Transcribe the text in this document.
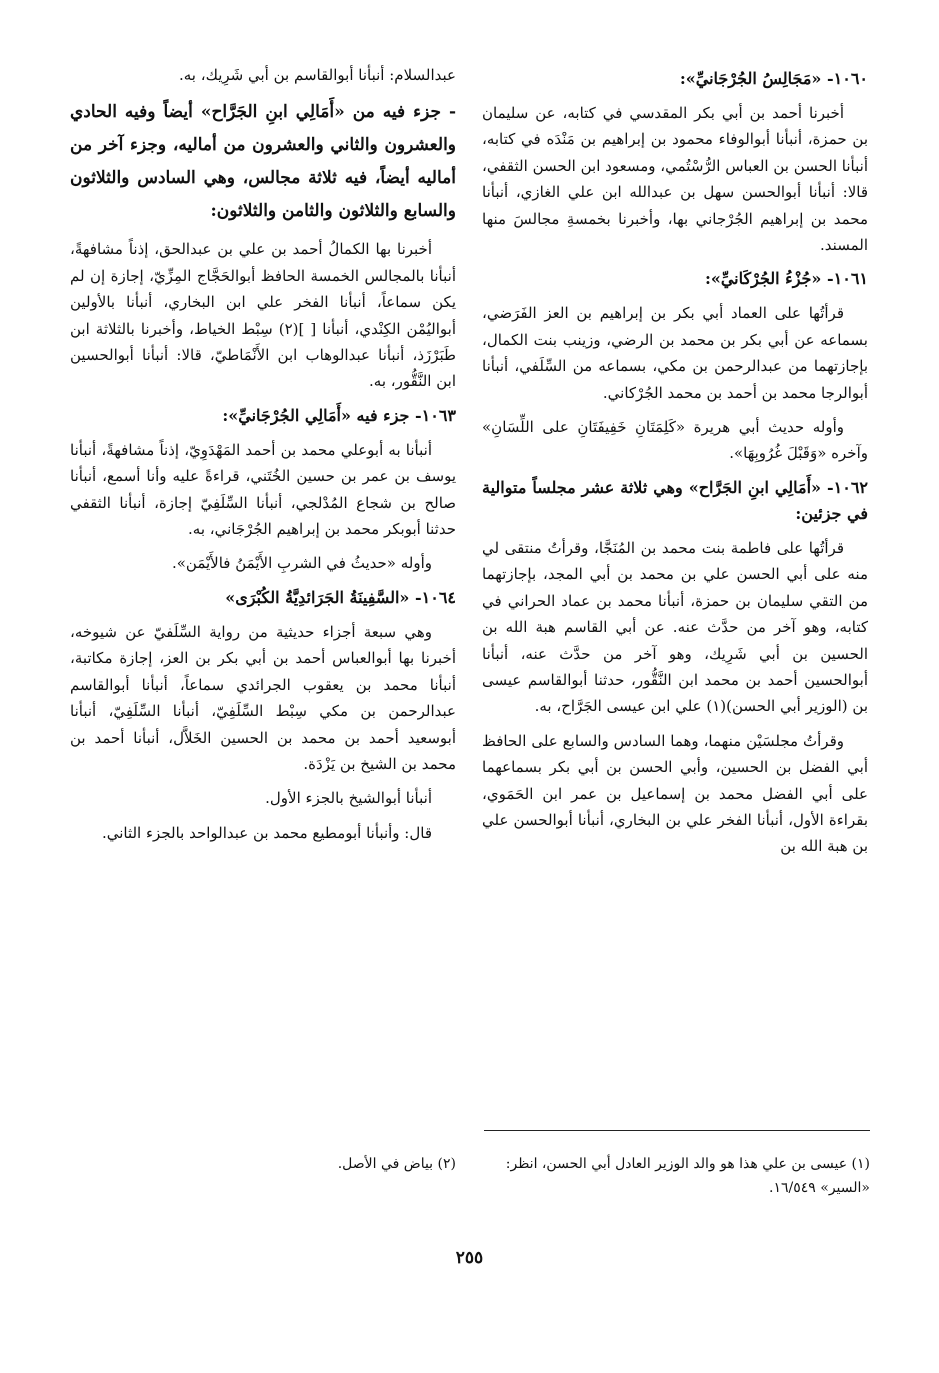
١٠٦٠- «مَجَالِسُ الجُرْجَانيِّ»:

أخبرنا أحمد بن أبي بكر المقدسي في كتابه، عن سليمان بن حمزة، أنبأنا أبوالوفاء محمود بن إبراهيم بن مَنْدَه في كتابه، أنبأنا الحسن بن العباس الرُّسْتُمي، ومسعود ابن الحسن الثقفي، قالا: أنبأنا أبوالحسن سهل بن عبدالله ابن علي الغازي، أنبأنا محمد بن إبراهيم الجُرْجاني بها، وأخبرنا بخمسةِ مجالسَ منها المسند.

١٠٦١- «جُزْءُ الجُرْكَانيِّ»:

قرأتُها على العماد أبي بكر بن إبراهيم بن العز الفَرَضي، بسماعه عن أبي بكر بن محمد بن الرضي، وزينب بنت الكمال، بإجازتهما من عبدالرحمن بن مكي، بسماعه من السِّلَفي، أنبأنا أبوالرجا محمد بن أحمد بن محمد الجُرْكاني.

وأوله حديث أبي هريرة «كَلِمَتَانِ خَفِيفَتَانِ على اللِّسَانِ» وآخره «وَقَبْلَ غُرُوبِهَا».

١٠٦٢- «أَمَالِي ابنِ الجَرَّاح» وهي ثلاثة عشر مجلساً متوالية في جزئين:

قرأتُها على فاطمة بنت محمد بن المُنَجَّا، وقرأتُ منتقى لي منه على أبي الحسن علي بن محمد بن أبي المجد، بإجازتهما من التقي سليمان بن حمزة، أنبأنا محمد بن عماد الحراني في كتابه، وهو آخر من حدَّث عنه. عن أبي القاسم هبة الله بن الحسين بن أبي شَرِيك، وهو آخر من حدَّث عنه، أنبأنا أبوالحسين أحمد بن محمد ابن النَّقُّور، حدثنا أبوالقاسم عيسى بن (الوزير أبي الحسن)(١) علي ابن عيسى الجَرَّاح، به.

وقرأتُ مجلسَيْن منهما، وهما السادس والسابع على الحافظ أبي الفضل بن الحسين، وأبي الحسن بن أبي بكر بسماعهما على أبي الفضل محمد بن إسماعيل بن عمر ابن الحَمَوي، بقراءة الأول، أنبأنا الفخر علي بن البخاري، أنبأنا أبوالحسن علي بن هبة الله بن

عبدالسلام: أنبأنا أبوالقاسم بن أبي شَرِيك، به.

- جزء فيه من «أَمَالِي ابنِ الجَرَّاح» أيضاً وفيه الحادي والعشرون والثاني والعشرون من أماليه، وجزء آخر من أماليه أيضاً، فيه ثلاثة مجالس، وهي السادس والثلاثون والسابع والثلاثون والثامن والثلاثون:

أخبرنا بها الكمالُ أحمد بن علي بن عبدالحق، إذناً مشافهةً، أنبأنا بالمجالس الخمسة الحافظ أبوالحَجَّاج المِزِّيّ، إجازة إن لم يكن سماعاً، أنبأنا الفخر علي ابن البخاري، أنبأنا بالأولين أبواليُمْن الكِنْدي، أنبأنا [ ](٢) سِبْط الخياط، وأخبرنا بالثلاثة ابن طَبَرْزَذ، أنبأنا عبدالوهاب ابن الأَنْمَاطيّ، قالا: أنبأنا أبوالحسين ابن النَّقُّور، به.

١٠٦٣- جزء فيه «أَمَالِي الجُرْجَانيِّ»:

أنبأنا به أبوعلي محمد بن أحمد المَهْدَوِيّ، إذناً مشافهةً، أنبأنا يوسف بن عمر بن حسين الخُتَني، قراءةً عليه وأنا أسمع، أنبأنا صالح بن شجاع المُدْلجي، أنبأنا السِّلَفِيّ إجازة، أنبأنا الثقفي حدثنا أبوبكر محمد بن إبراهيم الجُرْجَاني، به.

وأوله «حديثُ في الشربِ الأَيْمَنُ فالأَيْمَن».

١٠٦٤- «السَّفِينَةُ الجَرَائدِيَّةُ الكُبْرَى»

وهي سبعة أجزاء حديثية من رواية السِّلَفيّ عن شيوخه، أخبرنا بها أبوالعباس أحمد بن أبي بكر بن العز، إجازة مكاتبة، أنبأنا محمد بن يعقوب الجرائدي سماعاً، أنبأنا أبوالقاسم عبدالرحمن بن مكي سِبْط السِّلَفِيّ، أنبأنا السِّلَفِيّ، أنبأنا أبوسعيد أحمد بن محمد بن الحسين الخَلاَّل، أنبأنا أحمد بن محمد بن الشيخ بن يَزْدَة.

أنبأنا أبوالشيخ بالجزء الأول.

قال: وأنبأنا أبومطيع محمد بن عبدالواحد بالجزء الثاني.

(١) عيسى بن علي هذا هو والد الوزير العادل أبي الحسن، انظر: «السير» ١٦/٥٤٩.
(٢) بياض في الأصل.
٢٥٥
